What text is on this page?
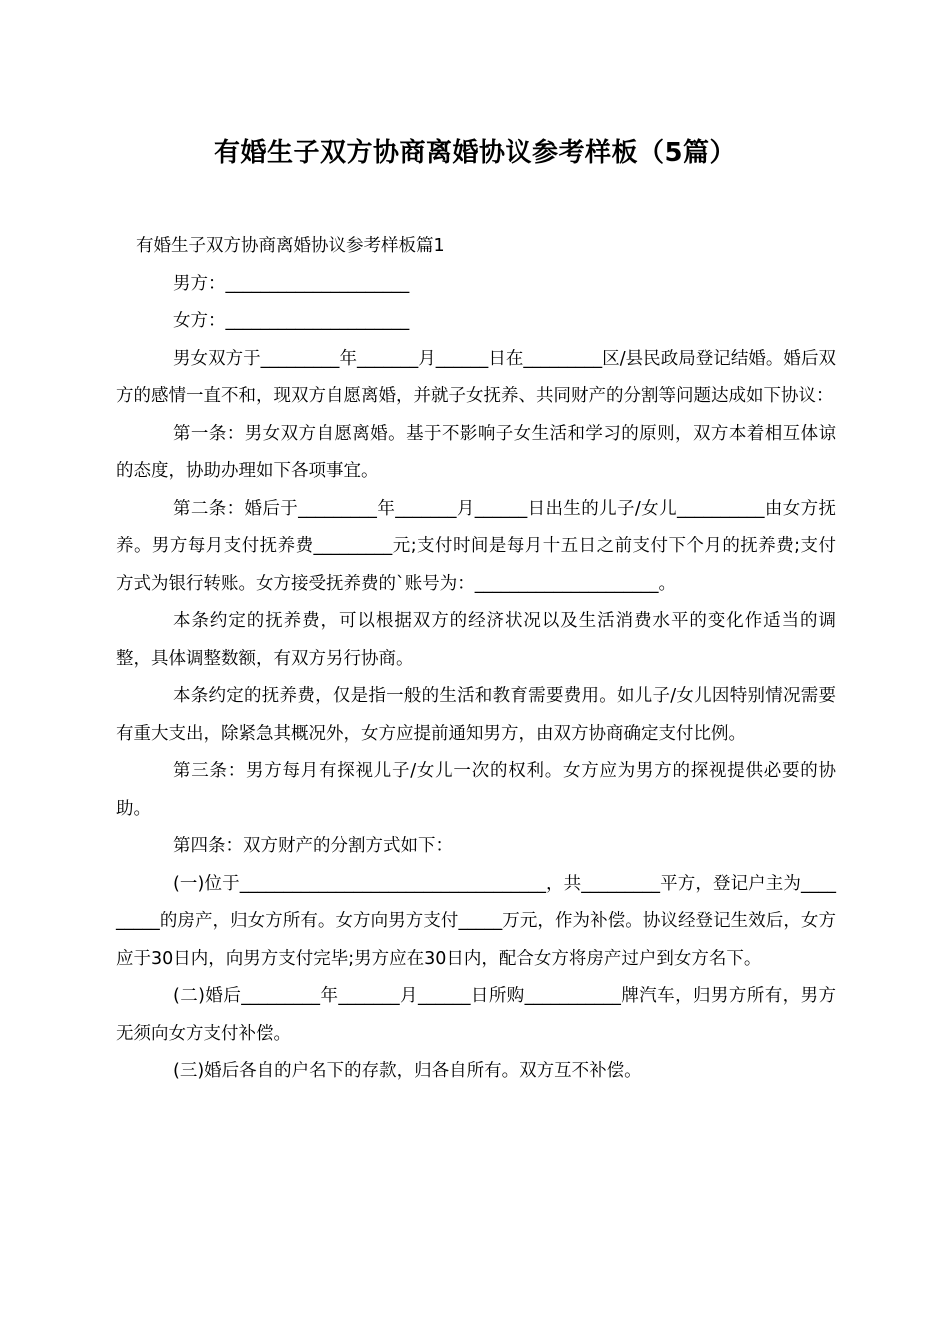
有婚生子双方协商离婚协议参考样板（5篇）

有婚生子双方协商离婚协议参考样板篇1

男方：_____________________

女方：_____________________

男女双方于_________年_______月______日在_________区/县民政局登记结婚。婚后双方的感情一直不和，现双方自愿离婚，并就子女抚养、共同财产的分割等问题达成如下协议：

第一条：男女双方自愿离婚。基于不影响子女生活和学习的原则，双方本着相互体谅的态度，协助办理如下各项事宜。

第二条：婚后于_________年_______月______日出生的儿子/女儿__________由女方抚养。男方每月支付抚养费_________元;支付时间是每月十五日之前支付下个月的抚养费;支付方式为银行转账。女方接受抚养费的`账号为：_____________________。

本条约定的抚养费，可以根据双方的经济状况以及生活消费水平的变化作适当的调整，具体调整数额，有双方另行协商。

本条约定的抚养费，仅是指一般的生活和教育需要费用。如儿子/女儿因特别情况需要有重大支出，除紧急其概况外，女方应提前通知男方，由双方协商确定支付比例。

第三条：男方每月有探视儿子/女儿一次的权利。女方应为男方的探视提供必要的协助。

第四条：双方财产的分割方式如下：

(一)位于___________________________________，共_________平方，登记户主为_________的房产，归女方所有。女方向男方支付_____万元，作为补偿。协议经登记生效后，女方应于30日内，向男方支付完毕;男方应在30日内，配合女方将房产过户到女方名下。

(二)婚后_________年_______月______日所购___________牌汽车，归男方所有，男方无须向女方支付补偿。

(三)婚后各自的户名下的存款，归各自所有。双方互不补偿。
